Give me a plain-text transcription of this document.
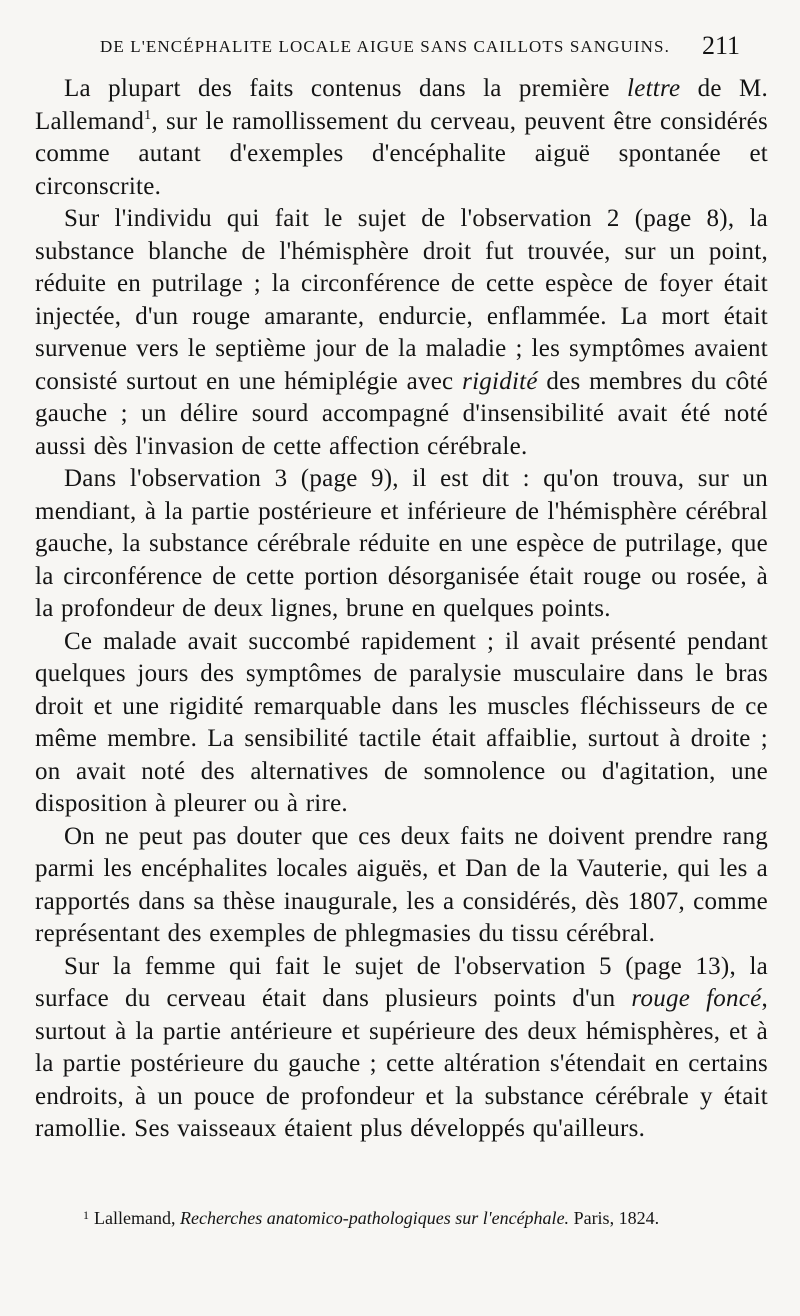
DE L'ENCÉPHALITE LOCALE AIGUE SANS CAILLOTS SANGUINS. 211

La plupart des faits contenus dans la première lettre de M. Lallemand$^1$, sur le ramollissement du cerveau, peuvent être considérés comme autant d'exemples d'encéphalite aiguë spontanée et circonscrite.

Sur l'individu qui fait le sujet de l'observation 2 (page 8), la substance blanche de l'hémisphère droit fut trouvée, sur un point, réduite en putrilage ; la circonférence de cette espèce de foyer était injectée, d'un rouge amarante, endurcie, enflammée. La mort était survenue vers le septième jour de la maladie ; les symptômes avaient consisté surtout en une hémiplégie avec rigidité des membres du côté gauche ; un délire sourd accompagné d'insensibilité avait été noté aussi dès l'invasion de cette affection cérébrale.

Dans l'observation 3 (page 9), il est dit : qu'on trouva, sur un mendiant, à la partie postérieure et inférieure de l'hémisphère cérébral gauche, la substance cérébrale réduite en une espèce de putrilage, que la circonférence de cette portion désorganisée était rouge ou rosée, à la profondeur de deux lignes, brune en quelques points.

Ce malade avait succombé rapidement ; il avait présenté pendant quelques jours des symptômes de paralysie musculaire dans le bras droit et une rigidité remarquable dans les muscles fléchisseurs de ce même membre. La sensibilité tactile était affaiblie, surtout à droite ; on avait noté des alternatives de somnolence ou d'agitation, une disposition à pleurer ou à rire.

On ne peut pas douter que ces deux faits ne doivent prendre rang parmi les encéphalites locales aiguës, et Dan de la Vauterie, qui les a rapportés dans sa thèse inaugurale, les a considérés, dès 1807, comme représentant des exemples de phlegmasies du tissu cérébral.

Sur la femme qui fait le sujet de l'observation 5 (page 13), la surface du cerveau était dans plusieurs points d'un rouge foncé, surtout à la partie antérieure et supérieure des deux hémisphères, et à la partie postérieure du gauche ; cette altération s'étendait en certains endroits, à un pouce de profondeur et la substance cérébrale y était ramollie. Ses vaisseaux étaient plus développés qu'ailleurs.

$^1$ Lallemand, Recherches anatomico-pathologiques sur l'encéphale. Paris, 1824.
